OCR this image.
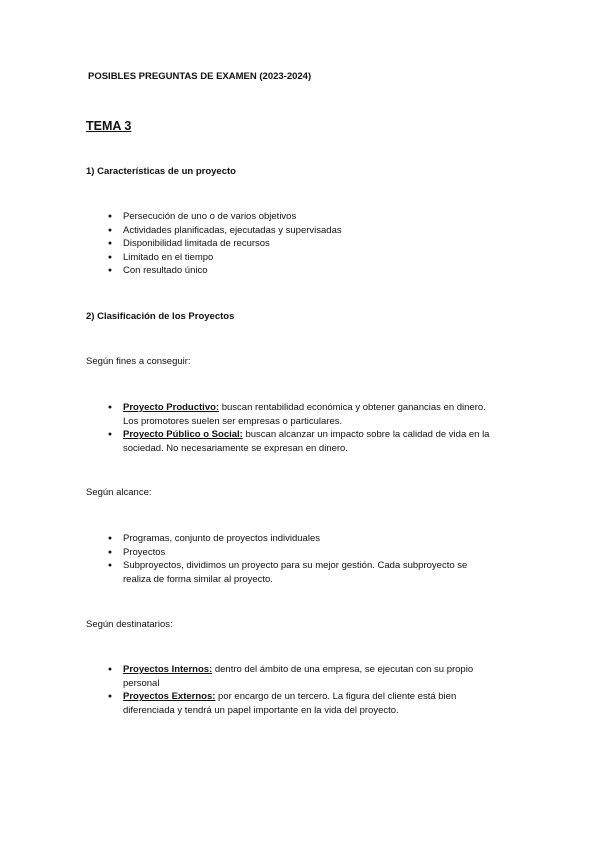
POSIBLES PREGUNTAS DE EXAMEN (2023-2024)
TEMA 3
1) Características de un proyecto
●	Persecución de uno o de varios objetivos
●	Actividades planificadas, ejecutadas y supervisadas
●	Disponibilidad limitada de recursos
●	Limitado en el tiempo
●	Con resultado único
2) Clasificación de los Proyectos
Según fines a conseguir:
●	Proyecto Productivo: buscan rentabilidad económica y obtener ganancias en dinero.
Los promotores suelen ser empresas o particulares.
●	Proyecto Público o Social: buscan alcanzar un impacto sobre la calidad de vida en la
sociedad. No necesariamente se expresan en dinero.
Según alcance:
●	Programas, conjunto de proyectos individuales
●	Proyectos
●	Subproyectos, dividimos un proyecto para su mejor gestión. Cada subproyecto se
realiza de forma similar al proyecto.
Según destinatarios:
●	Proyectos Internos: dentro del ámbito de una empresa, se ejecutan con su propio
personal
●	Proyectos Externos: por encargo de un tercero. La figura del cliente está bien
diferenciada y tendrá un papel importante en la vida del proyecto.
